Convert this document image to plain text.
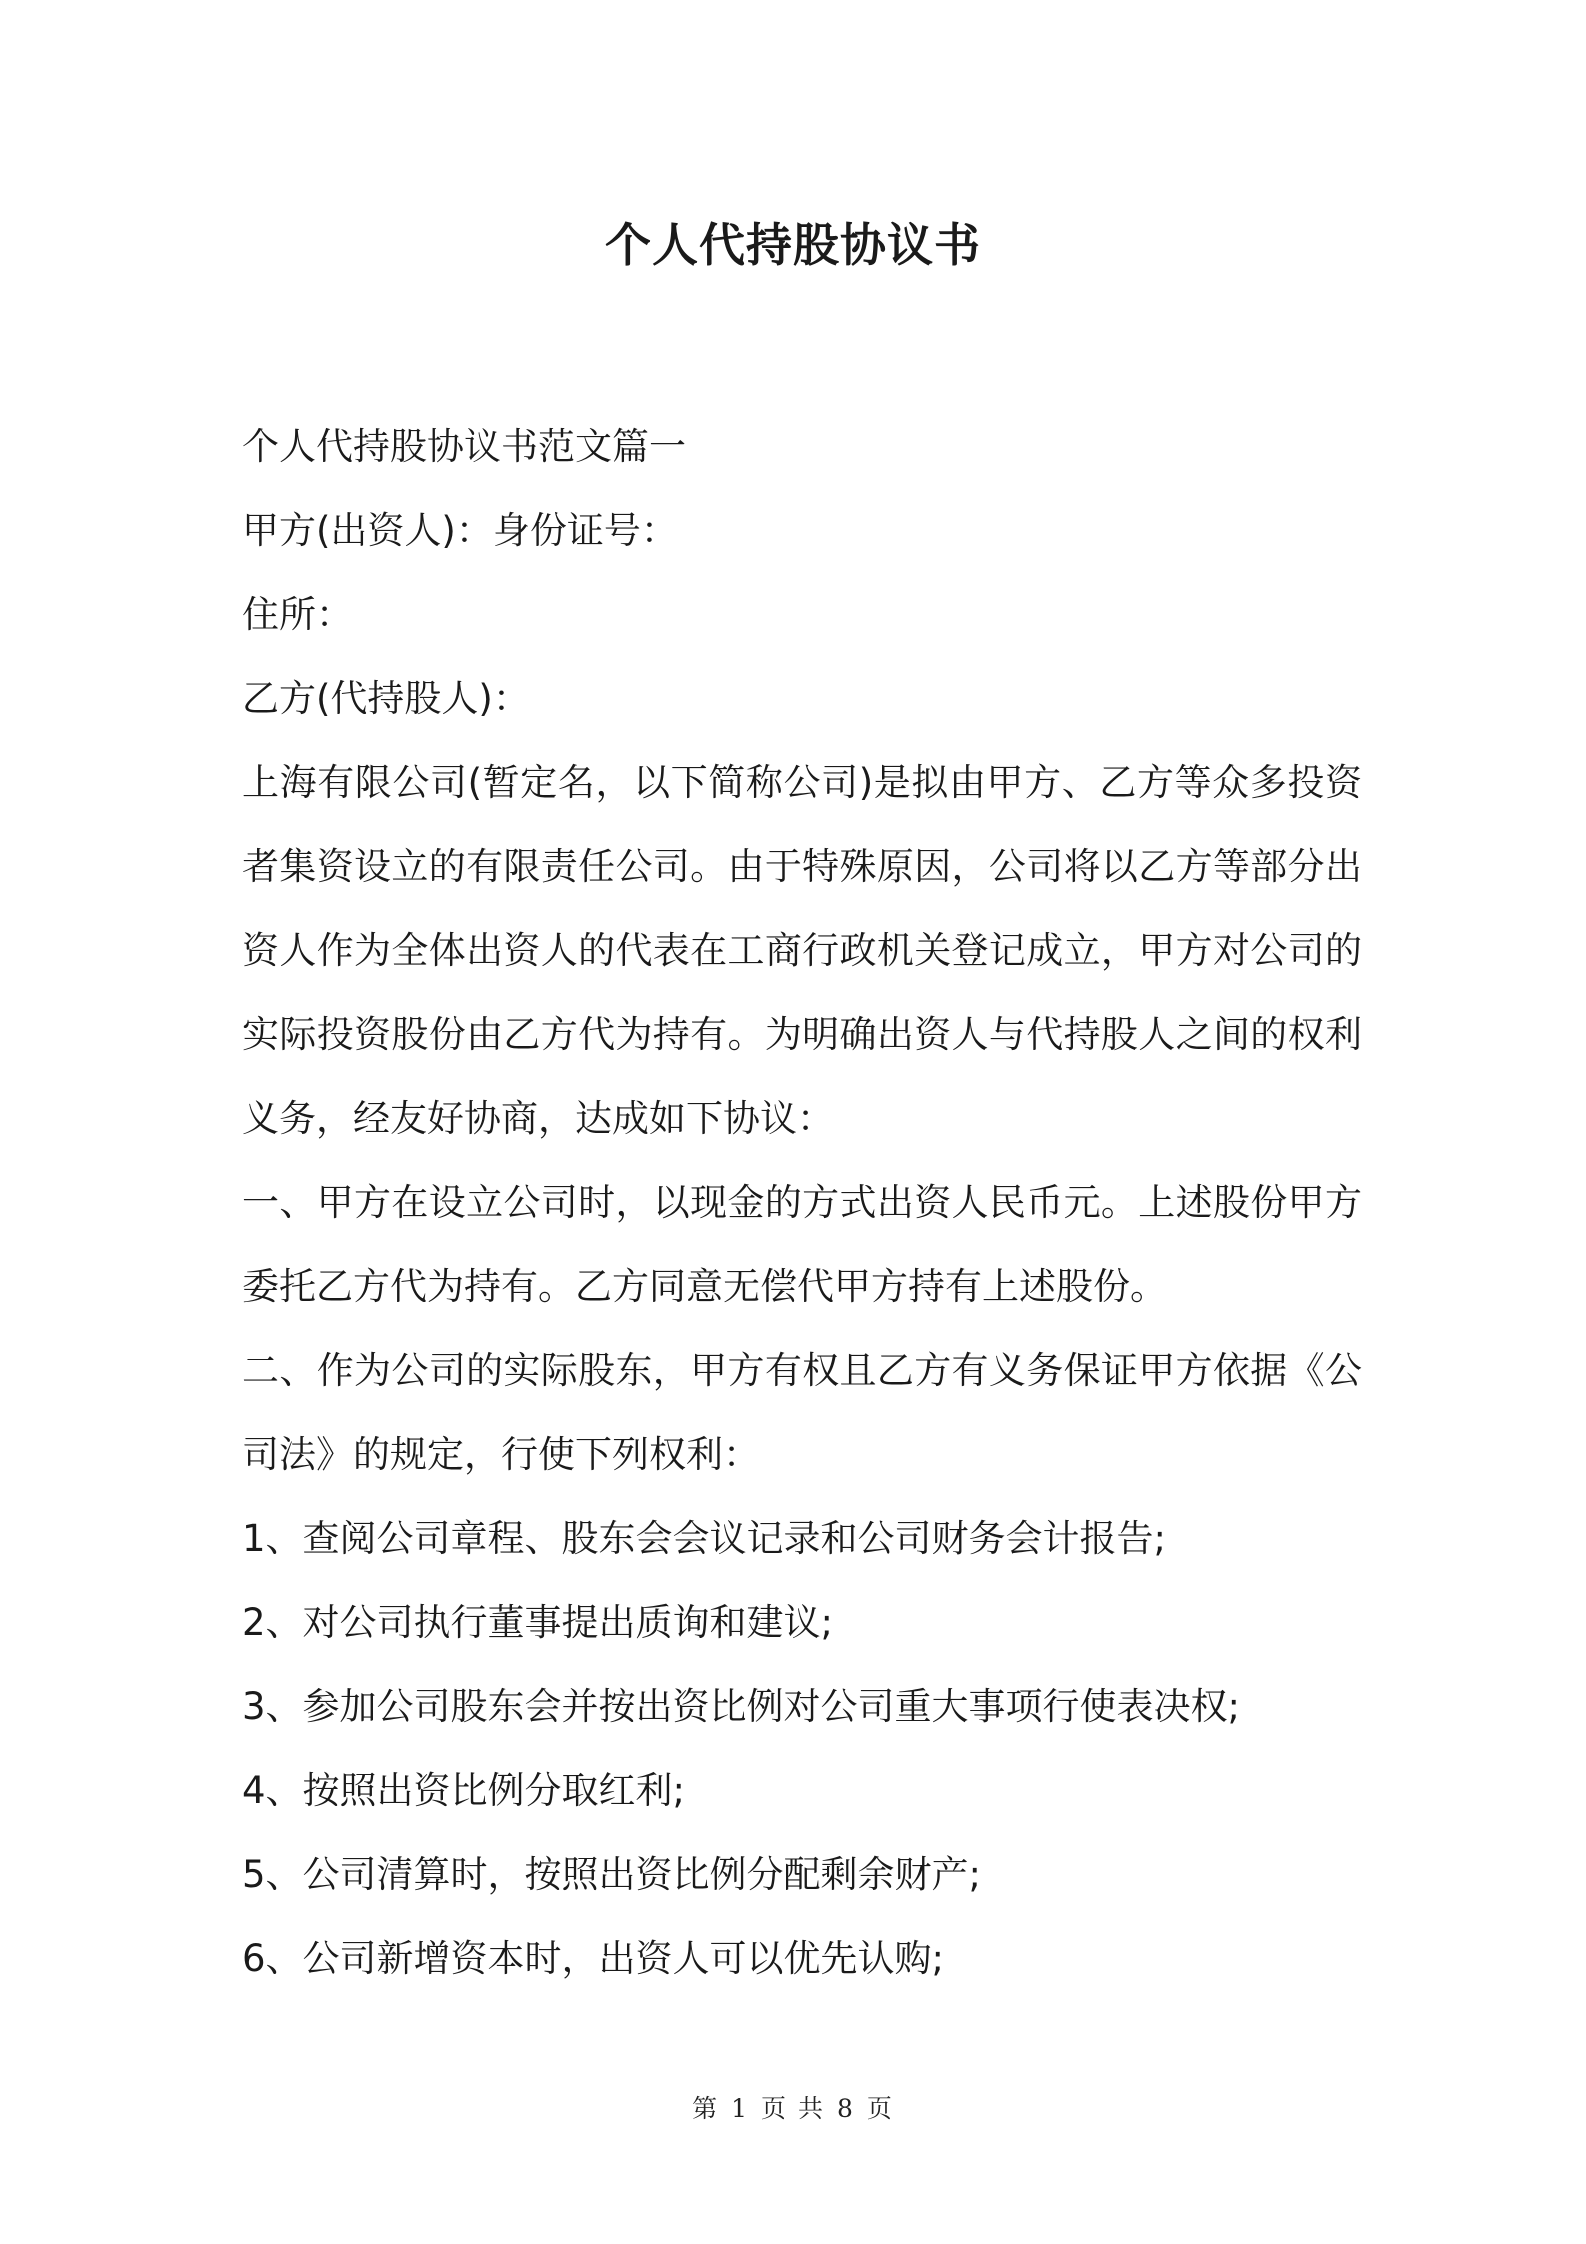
个人代持股协议书
个人代持股协议书范文篇一
甲方(出资人)：身份证号：
住所：
乙方(代持股人)：
上海有限公司(暂定名，以下简称公司)是拟由甲方、乙方等众多投资
者集资设立的有限责任公司。由于特殊原因，公司将以乙方等部分出
资人作为全体出资人的代表在工商行政机关登记成立，甲方对公司的
实际投资股份由乙方代为持有。为明确出资人与代持股人之间的权利
义务，经友好协商，达成如下协议：
一、甲方在设立公司时，以现金的方式出资人民币元。上述股份甲方
委托乙方代为持有。乙方同意无偿代甲方持有上述股份。
二、作为公司的实际股东，甲方有权且乙方有义务保证甲方依据《公
司法》的规定，行使下列权利：
1、查阅公司章程、股东会会议记录和公司财务会计报告;
2、对公司执行董事提出质询和建议;
3、参加公司股东会并按出资比例对公司重大事项行使表决权;
4、按照出资比例分取红利;
5、公司清算时，按照出资比例分配剩余财产;
6、公司新增资本时，出资人可以优先认购;
第 1 页 共 8 页
